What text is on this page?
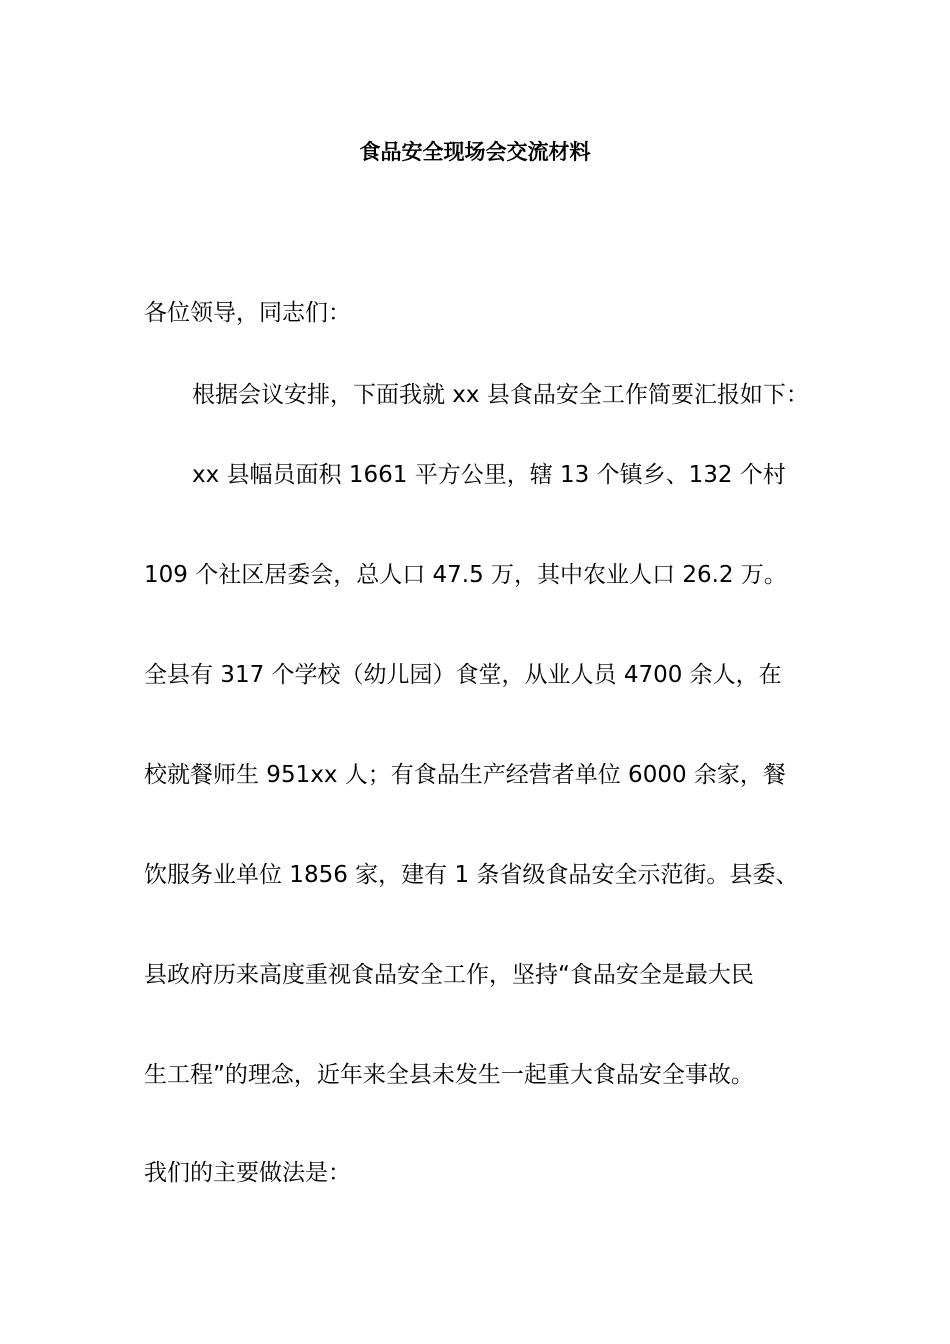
食品安全现场会交流材料
各位领导，同志们：
根据会议安排，下面我就 xx 县食品安全工作简要汇报如下：
xx 县幅员面积 1661 平方公里，辖 13 个镇乡、132 个村
109 个社区居委会，总人口 47.5 万，其中农业人口 26.2 万。
全县有 317 个学校（幼儿园）食堂，从业人员 4700 余人，在
校就餐师生 951xx 人；有食品生产经营者单位 6000 余家，餐
饮服务业单位 1856 家，建有 1 条省级食品安全示范街。县委、
县政府历来高度重视食品安全工作，坚持“食品安全是最大民
生工程”的理念，近年来全县未发生一起重大食品安全事故。
我们的主要做法是：
